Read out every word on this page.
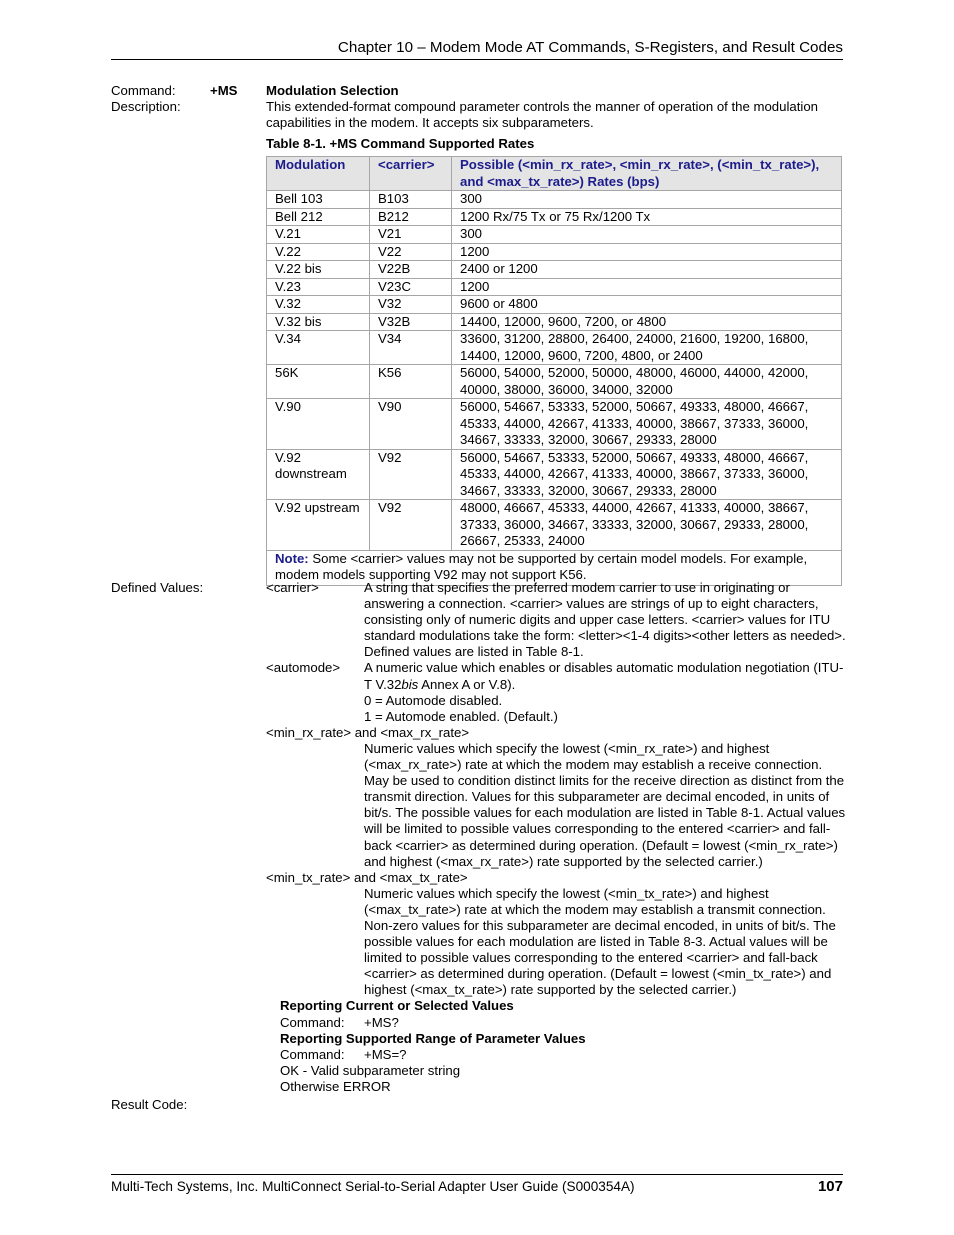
Chapter 10 – Modem Mode AT Commands, S-Registers, and Result Codes
Command:	+MS Modulation Selection
Description:	This extended-format compound parameter controls the manner of operation of the modulation capabilities in the modem. It accepts six subparameters.
Table 8-1. +MS Command Supported Rates
Modulation	<carrier>	Possible (<min_rx_rate>, <min_rx_rate>, (<min_tx_rate>), and <max_tx_rate>) Rates (bps)
Bell 103	B103	300
Bell 212	B212	1200 Rx/75 Tx or 75 Rx/1200 Tx
V.21	V21	300
V.22	V22	1200
V.22 bis	V22B	2400 or 1200
V.23	V23C	1200
V.32	V32	9600 or 4800
V.32 bis	V32B	14400, 12000, 9600, 7200, or 4800
V.34	V34	33600, 31200, 28800, 26400, 24000, 21600, 19200, 16800, 14400, 12000, 9600, 7200, 4800, or 2400
56K	K56	56000, 54000, 52000, 50000, 48000, 46000, 44000, 42000, 40000, 38000, 36000, 34000, 32000
V.90	V90	56000, 54667, 53333, 52000, 50667, 49333, 48000, 46667, 45333, 44000, 42667, 41333, 40000, 38667, 37333, 36000, 34667, 33333, 32000, 30667, 29333, 28000
V.92 downstream	V92	56000, 54667, 53333, 52000, 50667, 49333, 48000, 46667, 45333, 44000, 42667, 41333, 40000, 38667, 37333, 36000, 34667, 33333, 32000, 30667, 29333, 28000
V.92 upstream	V92	48000, 46667, 45333, 44000, 42667, 41333, 40000, 38667, 37333, 36000, 34667, 33333, 32000, 30667, 29333, 28000, 26667, 25333, 24000
Note: Some <carrier> values may not be supported by certain model models. For example, modem models supporting V92 may not support K56.		
Defined Values:	<carrier>	A string that specifies the preferred modem carrier to use in originating or answering a connection. <carrier> values are strings of up to eight characters, consisting only of numeric digits and upper case letters. <carrier> values for ITU standard modulations take the form: <letter><1-4 digits><other letters as needed>. Defined values are listed in Table 8-1.
<automode>	A numeric value which enables or disables automatic modulation negotiation (ITU-T V.32bis Annex A or V.8).
0 = Automode disabled.
1 = Automode enabled. (Default.)
<min_rx_rate> and <max_rx_rate>
Numeric values which specify the lowest (<min_rx_rate>) and highest (<max_rx_rate>) rate at which the modem may establish a receive connection. May be used to condition distinct limits for the receive direction as distinct from the transmit direction. Values for this subparameter are decimal encoded, in units of bit/s. The possible values for each modulation are listed in Table 8-1. Actual values will be limited to possible values corresponding to the entered <carrier> and fall-back <carrier> as determined during operation. (Default = lowest (<min_rx_rate>) and highest (<max_rx_rate>) rate supported by the selected carrier.)
<min_tx_rate> and <max_tx_rate>
Numeric values which specify the lowest (<min_tx_rate>) and highest (<max_tx_rate>) rate at which the modem may establish a transmit connection. Non-zero values for this subparameter are decimal encoded, in units of bit/s. The possible values for each modulation are listed in Table 8-3. Actual values will be limited to possible values corresponding to the entered <carrier> and fall-back <carrier> as determined during operation. (Default = lowest (<min_tx_rate>) and highest (<max_tx_rate>) rate supported by the selected carrier.)
Reporting Current or Selected Values
Command: +MS?
Reporting Supported Range of Parameter Values
Command: +MS=?
OK - Valid subparameter string
Otherwise ERROR
Result Code:
Multi-Tech Systems, Inc. MultiConnect Serial-to-Serial Adapter User Guide (S000354A)	107
